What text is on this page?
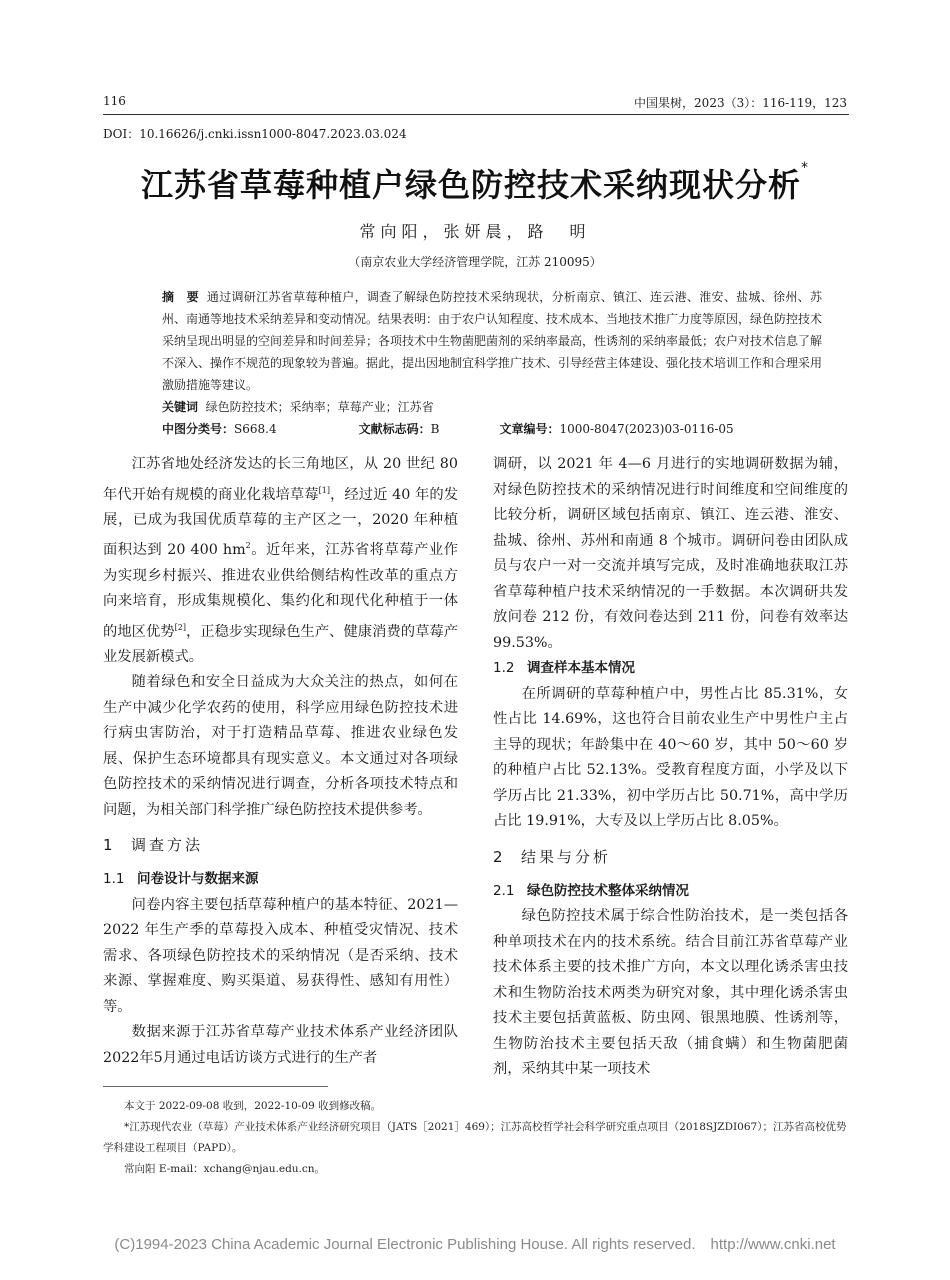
116	中国果树，2023（3）：116-119，123
DOI：10.16626/j.cnki.issn1000-8047.2023.03.024
江苏省草莓种植户绿色防控技术采纳现状分析*
常向阳，张妍晨，路　明
（南京农业大学经济管理学院，江苏 210095）
摘　要 通过调研江苏省草莓种植户，调查了解绿色防控技术采纳现状，分析南京、镇江、连云港、淮安、盐城、徐州、苏州、南通等地技术采纳差异和变动情况。结果表明：由于农户认知程度、技术成本、当地技术推广力度等原因，绿色防控技术采纳呈现出明显的空间差异和时间差异；各项技术中生物菌肥菌剂的采纳率最高，性诱剂的采纳率最低；农户对技术信息了解不深入、操作不规范的现象较为普遍。据此，提出因地制宜科学推广技术、引导经营主体建设、强化技术培训工作和合理采用激励措施等建议。
关键词 绿色防控技术；采纳率；草莓产业；江苏省
中图分类号：S668.4	文献标志码：B	文章编号：1000-8047(2023)03-0116-05

江苏省地处经济发达的长三角地区，从 20 世纪 80 年代开始有规模的商业化栽培草莓[1]，经过近 40 年的发展，已成为我国优质草莓的主产区之一，2020 年种植面积达到 20 400 $hm^2$。近年来，江苏省将草莓产业作为实现乡村振兴、推进农业供给侧结构性改革的重点方向来培育，形成集规模化、集约化和现代化种植于一体的地区优势[2]，正稳步实现绿色生产、健康消费的草莓产业发展新模式。

随着绿色和安全日益成为大众关注的热点，如何在生产中减少化学农药的使用，科学应用绿色防控技术进行病虫害防治，对于打造精品草莓、推进农业绿色发展、保护生态环境都具有现实意义。本文通过对各项绿色防控技术的采纳情况进行调查，分析各项技术特点和问题，为相关部门科学推广绿色防控技术提供参考。

1 调查方法
1.1 问卷设计与数据来源

问卷内容主要包括草莓种植户的基本特征、2021—2022 年生产季的草莓投入成本、种植受灾情况、技术需求、各项绿色防控技术的采纳情况（是否采纳、技术来源、掌握难度、购买渠道、易获得性、感知有用性）等。

数据来源于江苏省草莓产业技术体系产业经济团队2022年5月通过电话访谈方式进行的生产者

调研，以 2021 年 4—6 月进行的实地调研数据为辅，对绿色防控技术的采纳情况进行时间维度和空间维度的比较分析，调研区域包括南京、镇江、连云港、淮安、盐城、徐州、苏州和南通 8 个城市。调研问卷由团队成员与农户一对一交流并填写完成，及时准确地获取江苏省草莓种植户技术采纳情况的一手数据。本次调研共发放问卷 212 份，有效问卷达到 211 份，问卷有效率达 99.53%。

1.2 调查样本基本情况

在所调研的草莓种植户中，男性占比 85.31%，女性占比 14.69%，这也符合目前农业生产中男性户主占主导的现状；年龄集中在 40～60 岁，其中 50～60 岁的种植户占比 52.13%。受教育程度方面，小学及以下学历占比 21.33%，初中学历占比 50.71%，高中学历占比 19.91%，大专及以上学历占比 8.05%。

2 结果与分析
2.1 绿色防控技术整体采纳情况

绿色防控技术属于综合性防治技术，是一类包括各种单项技术在内的技术系统。结合目前江苏省草莓产业技术体系主要的技术推广方向，本文以理化诱杀害虫技术和生物防治技术两类为研究对象，其中理化诱杀害虫技术主要包括黄蓝板、防虫网、银黑地膜、性诱剂等，生物防治技术主要包括天敌（捕食螨）和生物菌肥菌剂，采纳其中某一项技术

本文于 2022-09-08 收到，2022-10-09 收到修改稿。
*江苏现代农业（草莓）产业技术体系产业经济研究项目（JATS［2021］469）；江苏高校哲学社会科学研究重点项目（2018SJZDI067）；江苏省高校优势学科建设工程项目（PAPD）。
常向阳 E-mail：xchang@njau.edu.cn。
(C)1994-2023 China Academic Journal Electronic Publishing House. All rights reserved.　http://www.cnki.net
